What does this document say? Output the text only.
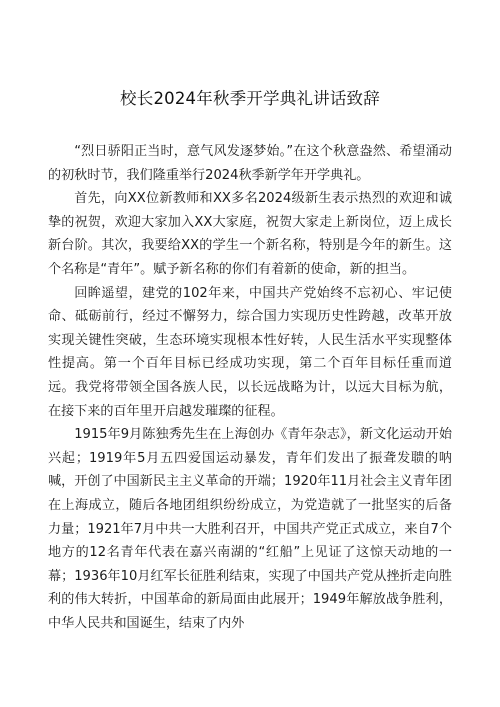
校长2024年秋季开学典礼讲话致辞

“烈日骄阳正当时，意气风发逐梦始。”在这个秋意盎然、希望涌动的初秋时节，我们隆重举行2024秋季新学年开学典礼。

首先，向XX位新教师和XX多名2024级新生表示热烈的欢迎和诚挚的祝贺，欢迎大家加入XX大家庭，祝贺大家走上新岗位，迈上成长新台阶。其次，我要给XX的学生一个新名称，特别是今年的新生。这个名称是“青年”。赋予新名称的你们有着新的使命，新的担当。

回眸遥望，建党的102年来，中国共产党始终不忘初心、牢记使命、砥砺前行，经过不懈努力，综合国力实现历史性跨越，改革开放实现关键性突破，生态环境实现根本性好转，人民生活水平实现整体性提高。第一个百年目标已经成功实现，第二个百年目标任重而道远。我党将带领全国各族人民，以长远战略为计，以远大目标为航，在接下来的百年里开启越发璀璨的征程。

1915年9月陈独秀先生在上海创办《青年杂志》，新文化运动开始兴起；1919年5月五四爱国运动暴发，青年们发出了振聋发聩的呐喊，开创了中国新民主主义革命的开端；1920年11月社会主义青年团在上海成立，随后各地团组织纷纷成立，为党造就了一批坚实的后备力量；1921年7月中共一大胜利召开，中国共产党正式成立，来自7个地方的12名青年代表在嘉兴南湖的“红船”上见证了这惊天动地的一幕；1936年10月红军长征胜利结束，实现了中国共产党从挫折走向胜利的伟大转折，中国革命的新局面由此展开；1949年解放战争胜利，中华人民共和国诞生，结束了内外
